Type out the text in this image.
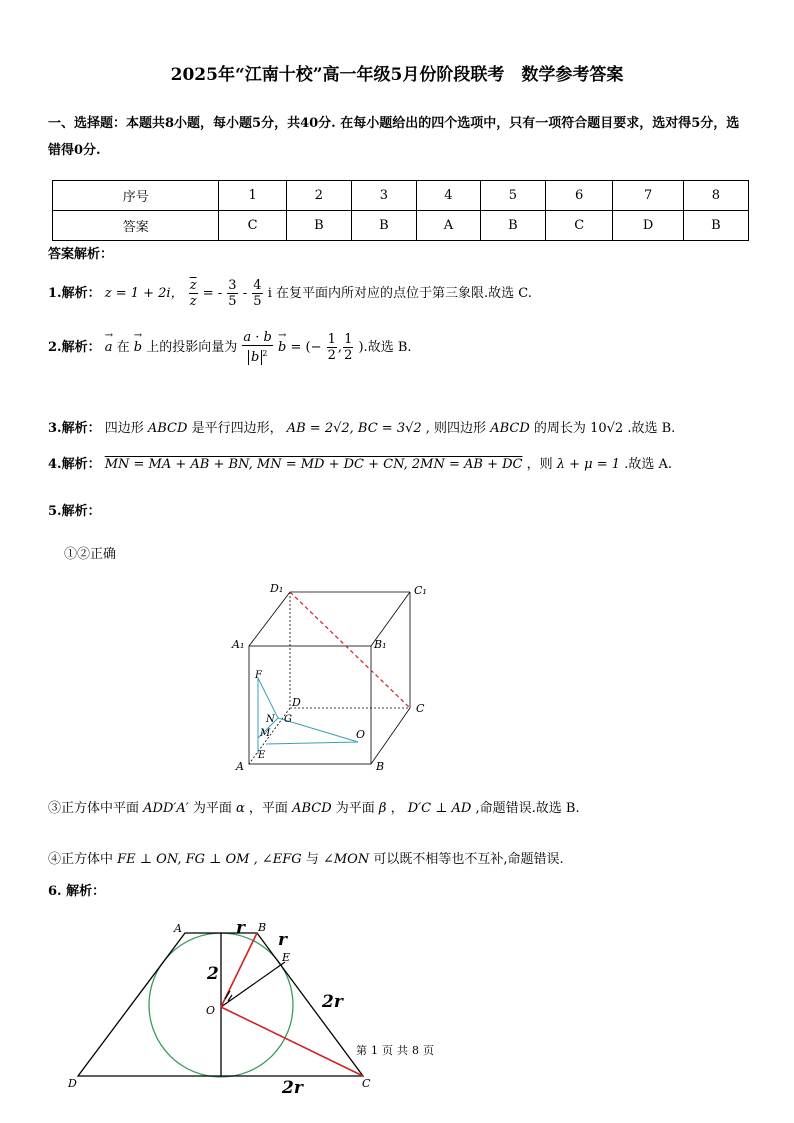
2025年“江南十校”高一年级5月份阶段联考　数学参考答案
一、选择题：本题共8小题，每小题5分，共40分. 在每小题给出的四个选项中，只有一项符合题目要求，选对得5分，选错得0分.
序号	1	2	3	4	5	6	7	8
答案	C	B	B	A	B	C	D	B
答案解析：
1.解析： z = 1 + 2i， $\frac{\overline{z}}{z}$ = - $\frac{3}{5} - \frac{4}{5}$ i 在复平面内所对应的点位于第三象限.故选 C.
2.解析： → a 在 → b 上的投影向量为 $\frac{a \cdot b}{b ^2} \to b$ = (− $\frac{1}{2}$ , $\frac{1}{2}$ ).故选 B.
3.解析： 四边形 ABCD 是平行四边形， AB = 2√2, BC = 3√2 , 则四边形 ABCD 的周长为 10√2 .故选 B.
4.解析： MN = MA + AB + BN, MN = MD + DC + CN, 2MN = AB + DC ，则 λ + μ = 1 .故选 A.
5.解析：
①②正确
D₁	C₁
A₁	B₁
F
D	C
N G
M	O
E
A	B
③正方体中平面 ADD′A′ 为平面 α ，平面 ABCD 为平面 β ， D′C ⊥ AD ,命题错误.故选 B.
④正方体中 FE ⊥ ON, FG ⊥ OM , ∠EFG 与 ∠MON 可以既不相等也不互补,命题错误.
6. 解析：
A	B
E
O
D	C
r
r
2
2r
2r
第 1 页 共 8 页
